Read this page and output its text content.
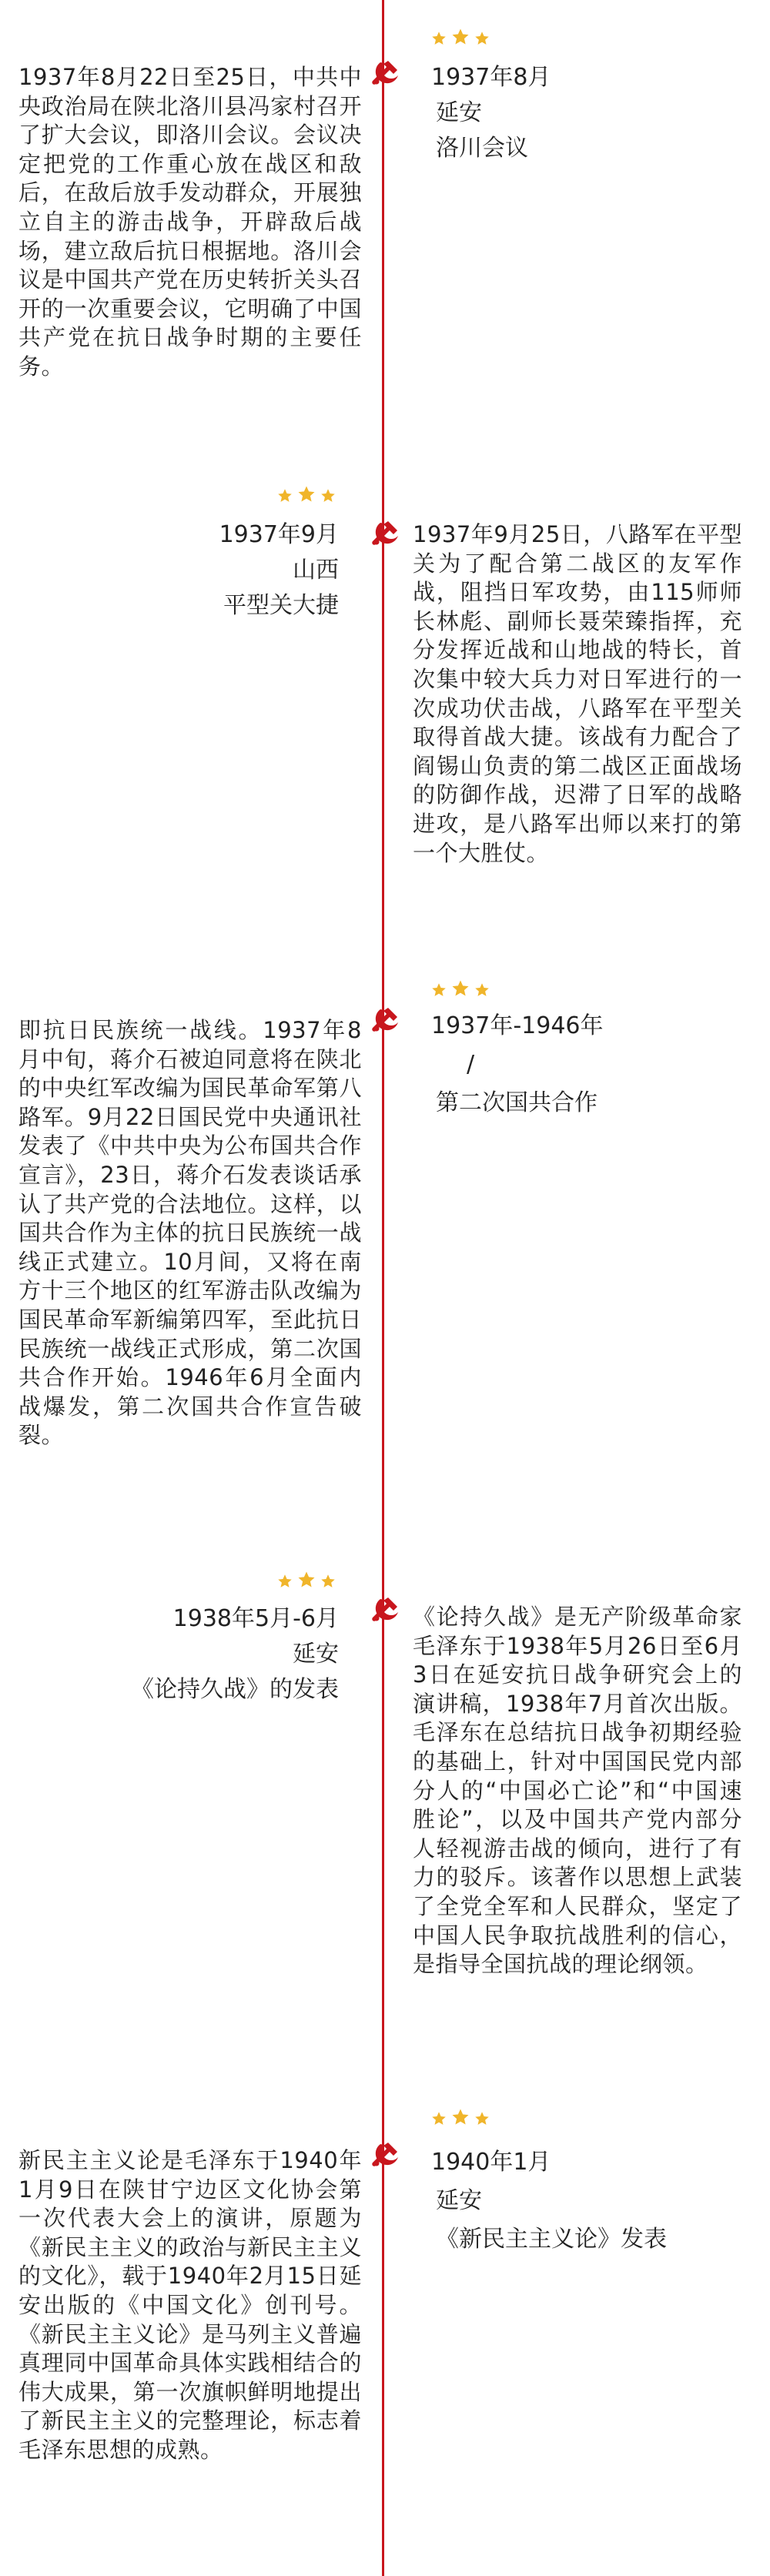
1937年8月
延安
洛川会议
1937年8月22日至25日，中共中央政治局在陕北洛川县冯家村召开了扩大会议，即洛川会议。会议决定把党的工作重心放在战区和敌后，在敌后放手发动群众，开展独立自主的游击战争，开辟敌后战场，建立敌后抗日根据地。洛川会议是中国共产党在历史转折关头召开的一次重要会议，它明确了中国共产党在抗日战争时期的主要任务。
1937年9月
山西
平型关大捷
1937年9月25日，八路军在平型关为了配合第二战区的友军作战，阻挡日军攻势，由115师师长林彪、副师长聂荣臻指挥，充分发挥近战和山地战的特长，首次集中较大兵力对日军进行的一次成功伏击战，八路军在平型关取得首战大捷。该战有力配合了阎锡山负责的第二战区正面战场的防御作战，迟滞了日军的战略进攻，是八路军出师以来打的第一个大胜仗。
1937年-1946年
/
第二次国共合作
即抗日民族统一战线。1937年8月中旬，蒋介石被迫同意将在陕北的中央红军改编为国民革命军第八路军。9月22日国民党中央通讯社发表了《中共中央为公布国共合作宣言》，23日，蒋介石发表谈话承认了共产党的合法地位。这样，以国共合作为主体的抗日民族统一战线正式建立。10月间，又将在南方十三个地区的红军游击队改编为国民革命军新编第四军，至此抗日民族统一战线正式形成，第二次国共合作开始。1946年6月全面内战爆发，第二次国共合作宣告破裂。
1938年5月-6月
延安
《论持久战》的发表
《论持久战》是无产阶级革命家毛泽东于1938年5月26日至6月3日在延安抗日战争研究会上的演讲稿，1938年7月首次出版。毛泽东在总结抗日战争初期经验的基础上，针对中国国民党内部分人的“中国必亡论”和“中国速胜论”，以及中国共产党内部分人轻视游击战的倾向，进行了有力的驳斥。该著作以思想上武装了全党全军和人民群众，坚定了中国人民争取抗战胜利的信心，是指导全国抗战的理论纲领。
1940年1月
延安
《新民主主义论》发表
新民主主义论是毛泽东于1940年1月9日在陕甘宁边区文化协会第一次代表大会上的演讲，原题为《新民主主义的政治与新民主主义的文化》，载于1940年2月15日延安出版的《中国文化》创刊号。《新民主主义论》是马列主义普遍真理同中国革命具体实践相结合的伟大成果，第一次旗帜鲜明地提出了新民主主义的完整理论，标志着毛泽东思想的成熟。
